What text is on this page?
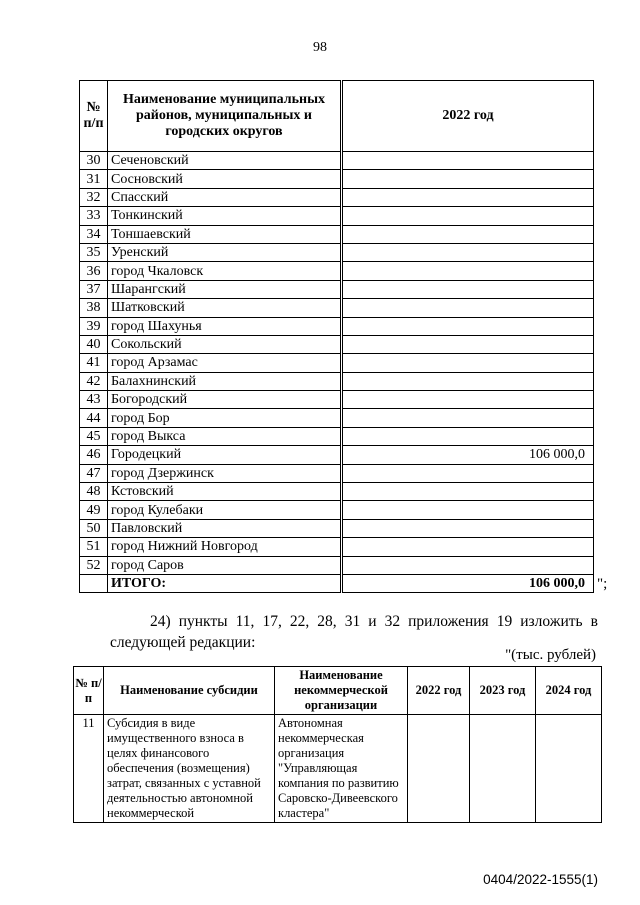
98
№ п/п	Наименование муниципальных районов, муниципальных и городских округов	2022 год
30	Сеченовский	
31	Сосновский	
32	Спасский	
33	Тонкинский	
34	Тоншаевский	
35	Уренский	
36	город Чкаловск	
37	Шарангский	
38	Шатковский	
39	город Шахунья	
40	Сокольский	
41	город Арзамас	
42	Балахнинский	
43	Богородский	
44	город Бор	
45	город Выкса	
46	Городецкий	106 000,0
47	город Дзержинск	
48	Кстовский	
49	город Кулебаки	
50	Павловский	
51	город Нижний Новгород	
52	город Саров	
	ИТОГО:	106 000,0 ";
24) пункты 11, 17, 22, 28, 31 и 32 приложения 19 изложить в следующей редакции:
"(тыс. рублей)
№ п/п	Наименование субсидии	Наименование некоммерческой организации	2022 год	2023 год	2024 год
11	Субсидия в виде имущественного взноса в целях финансового обеспечения (возмещения) затрат, связанных с уставной деятельностью автономной некоммерческой	Автономная некоммерческая организация "Управляющая компания по развитию Саровско-Дивеевского кластера"			
0404/2022-1555(1)
